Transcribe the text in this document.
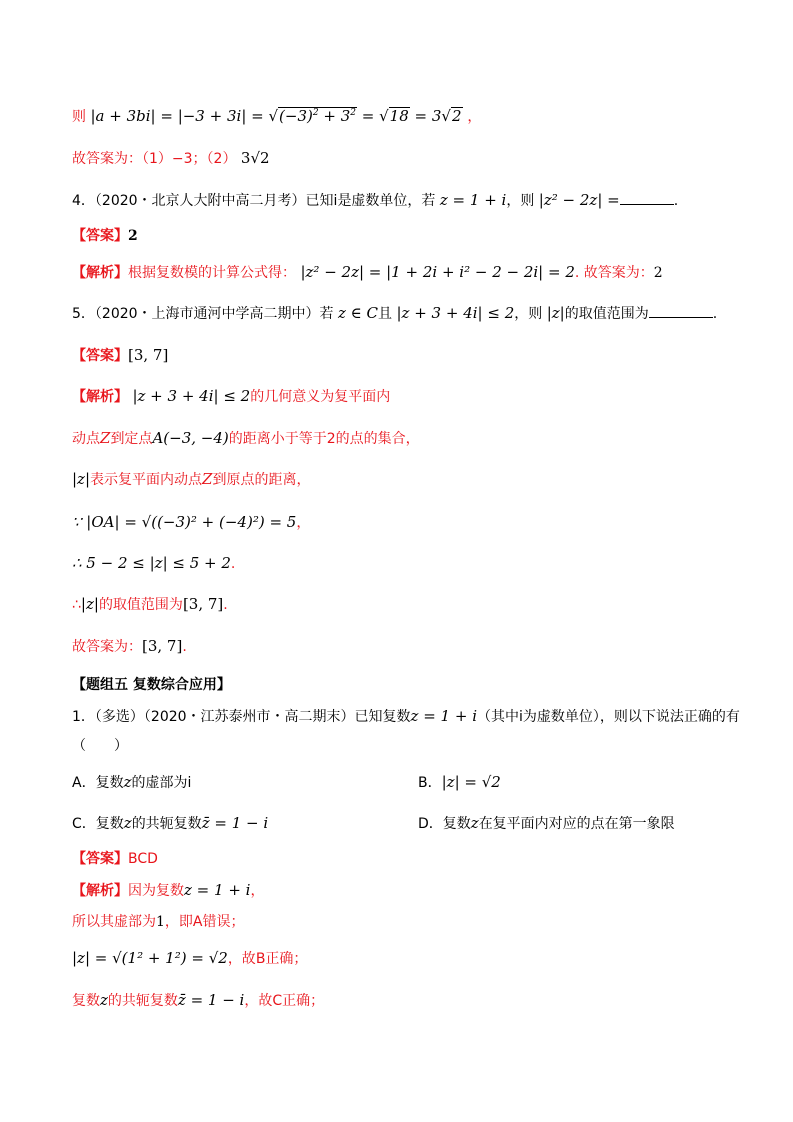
则 $|a + 3bi| = |-3 + 3i| = √(-3)^2 + 3^2 = √18 = 3√2$ ，
故答案为：（1）−3；（2） 3√2
4．（2020・北京人大附中高二月考）已知i是虚数单位，若 z = 1 + i，则 |z² − 2z| =	.
【答案】2
【解析】根据复数模的计算公式得： |z² − 2z| = |1 + 2i + i² − 2 − 2i| = 2. 故答案为：2
5．（2020・上海市通河中学高二期中）若 z ∈ C且 |z + 3 + 4i| ≤ 2，则 |z|的取值范围为	.
【答案】[3, 7]
【解析】 |z + 3 + 4i| ≤ 2的几何意义为复平面内
动点Z到定点A(−3, −4)的距离小于等于2的点的集合，
|z|表示复平面内动点Z到原点的距离，
∵ |OA| = √((−3)² + (−4)²) = 5，
∴ 5 − 2 ≤ |z| ≤ 5 + 2.
∴|z|的取值范围为[3, 7].
故答案为：[3, 7].
【题组五 复数综合应用】
1．（多选）（2020・江苏泰州市・高二期末）已知复数z = 1 + i（其中i为虚数单位），则以下说法正确的有
（　　）
A．复数z的虚部为i	B．|z| = √2
C．复数z的共轭复数z̄ = 1 − i	D．复数z在复平面内对应的点在第一象限
【答案】BCD
【解析】因为复数z = 1 + i，
所以其虚部为1，即A错误；
|z| = √(1² + 1²) = √2，故B正确；
复数z的共轭复数z̄ = 1 − i，故C正确；
